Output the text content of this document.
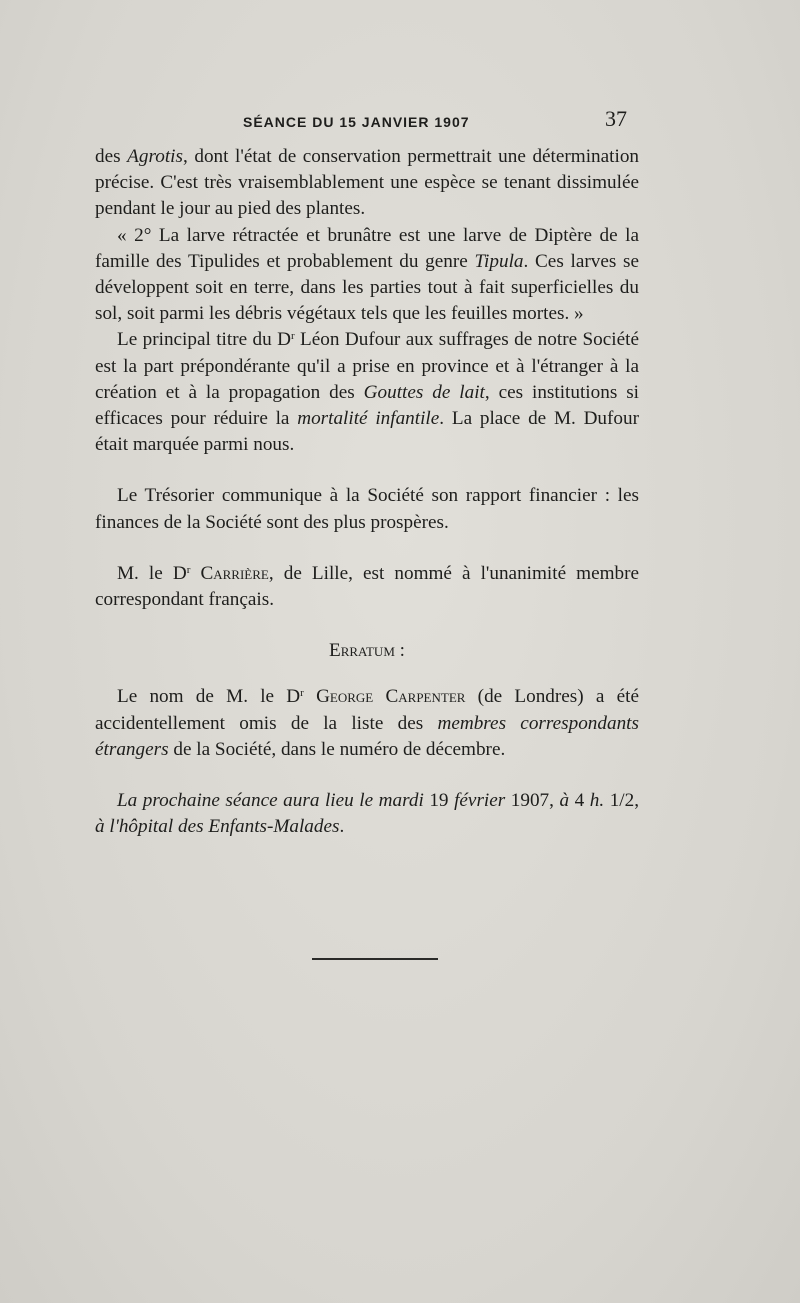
SÉANCE DU 15 JANVIER 1907	37

des Agrotis, dont l'état de conservation permettrait une détermination précise. C'est très vraisemblablement une espèce se tenant dissimulée pendant le jour au pied des plantes.

« 2° La larve rétractée et brunâtre est une larve de Diptère de la famille des Tipulides et probablement du genre Tipula. Ces larves se développent soit en terre, dans les parties tout à fait superficielles du sol, soit parmi les débris végétaux tels que les feuilles mortes. »

Le principal titre du $D^r$ Léon Dufour aux suffrages de notre Société est la part prépondérante qu'il a prise en province et à l'étranger à la création et à la propagation des Gouttes de lait, ces institutions si efficaces pour réduire la mortalité infantile. La place de M. Dufour était marquée parmi nous.

Le Trésorier communique à la Société son rapport financier : les finances de la Société sont des plus prospères.

M. le $D^r$ Carrière, de Lille, est nommé à l'unanimité membre correspondant français.

Erratum :

Le nom de M. le $D^r$ George Carpenter (de Londres) a été accidentellement omis de la liste des membres correspondants étrangers de la Société, dans le numéro de décembre.

La prochaine séance aura lieu le mardi 19 février 1907, à 4 h. 1/2, à l'hôpital des Enfants-Malades.
